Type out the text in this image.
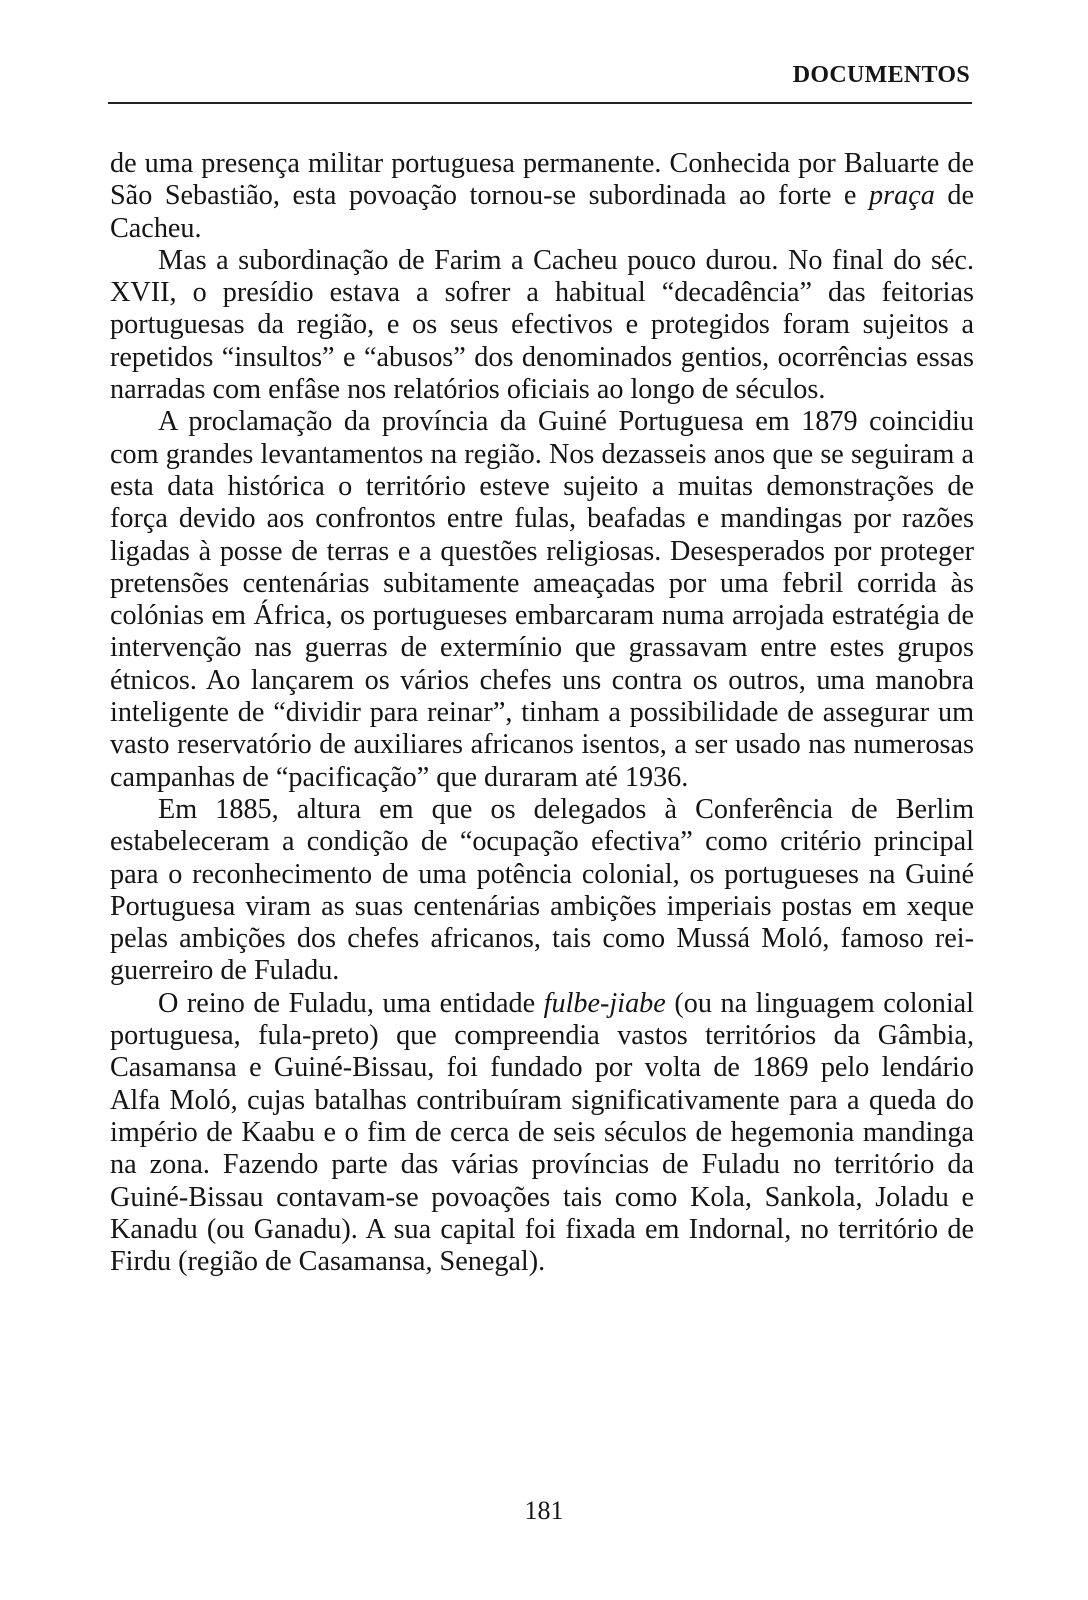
DOCUMENTOS

de uma presença militar portuguesa permanente. Conhecida por Baluarte de São Sebastião, esta povoação tornou-se subordinada ao forte e praça de Cacheu.

Mas a subordinação de Farim a Cacheu pouco durou. No final do séc. XVII, o presídio estava a sofrer a habitual “decadência” das feitorias portuguesas da região, e os seus efectivos e protegidos foram sujeitos a repetidos “insultos” e “abusos” dos denominados gentios, ocorrências essas narradas com enfâse nos relatórios oficiais ao longo de séculos.

A proclamação da província da Guiné Portuguesa em 1879 coincidiu com grandes levantamentos na região. Nos dezasseis anos que se seguiram a esta data histórica o território esteve sujeito a muitas demonstrações de força devido aos confrontos entre fulas, beafadas e mandingas por razões ligadas à posse de terras e a questões religiosas. Desesperados por proteger pretensões centenárias subitamente ameaçadas por uma febril corrida às colónias em África, os portugueses embarcaram numa arrojada estratégia de intervenção nas guerras de extermínio que grassavam entre estes grupos étnicos. Ao lançarem os vários chefes uns contra os outros, uma manobra inteligente de “dividir para reinar”, tinham a possibilidade de assegurar um vasto reservatório de auxiliares africanos isentos, a ser usado nas numerosas campanhas de “pacificação” que duraram até 1936.

Em 1885, altura em que os delegados à Conferência de Berlim estabeleceram a condição de “ocupação efectiva” como critério principal para o reconhecimento de uma potência colonial, os portugueses na Guiné Portuguesa viram as suas centenárias ambições imperiais postas em xeque pelas ambições dos chefes africanos, tais como Mussá Moló, famoso rei-guerreiro de Fuladu.

O reino de Fuladu, uma entidade fulbe-jiabe (ou na linguagem colonial portuguesa, fula-preto) que compreendia vastos territórios da Gâmbia, Casamansa e Guiné-Bissau, foi fundado por volta de 1869 pelo lendário Alfa Moló, cujas batalhas contribuíram significativamente para a queda do império de Kaabu e o fim de cerca de seis séculos de hegemonia mandinga na zona. Fazendo parte das várias províncias de Fuladu no território da Guiné-Bissau contavam-se povoações tais como Kola, Sankola, Joladu e Kanadu (ou Ganadu). A sua capital foi fixada em Indornal, no território de Firdu (região de Casamansa, Senegal).

181
